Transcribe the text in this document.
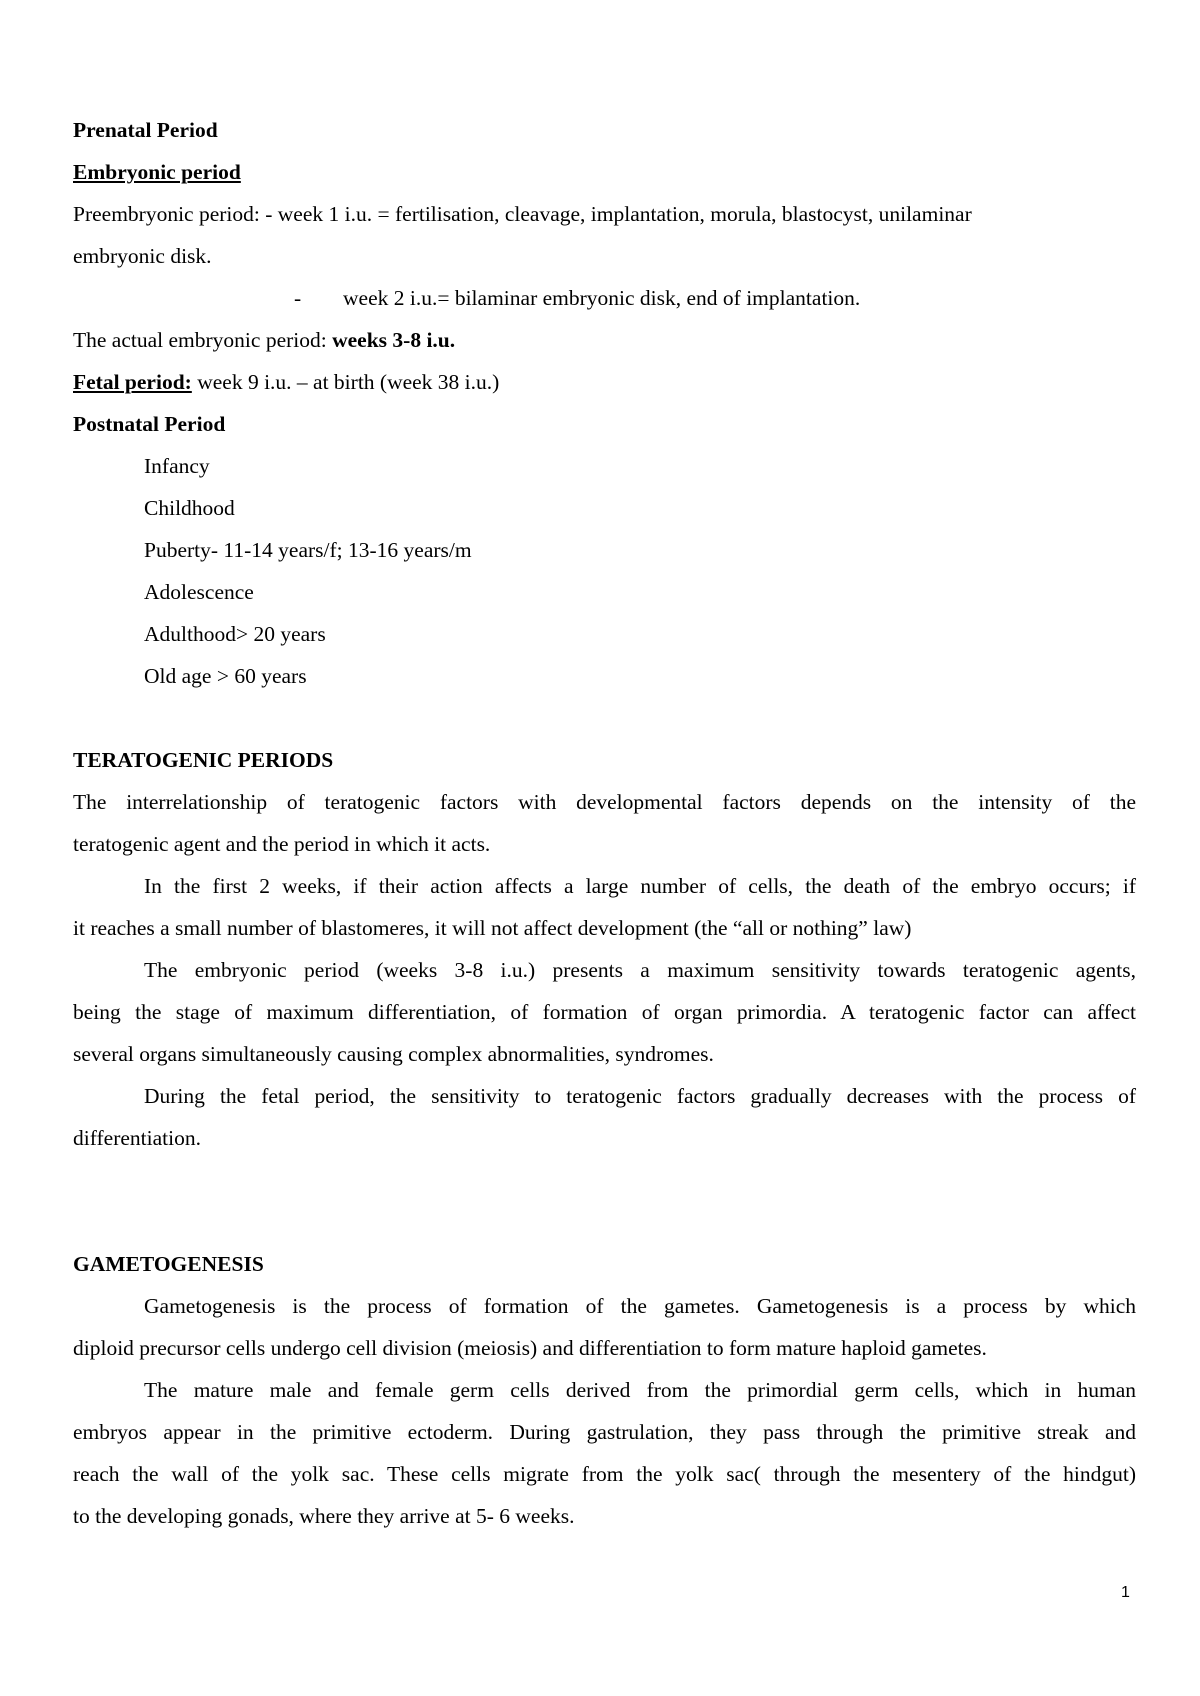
Prenatal Period
Embryonic period
Preembryonic period: - week 1 i.u. = fertilisation, cleavage, implantation, morula, blastocyst, unilaminar
embryonic disk.
- week 2 i.u.= bilaminar embryonic disk, end of implantation.
The actual embryonic period: weeks 3-8 i.u.
Fetal period: week 9 i.u. – at birth (week 38 i.u.)
Postnatal Period
Infancy
Childhood
Puberty- 11-14 years/f; 13-16 years/m
Adolescence
Adulthood> 20 years
Old age > 60 years
TERATOGENIC PERIODS
The interrelationship of teratogenic factors with developmental factors depends on the intensity of the
teratogenic agent and the period in which it acts.
In the first 2 weeks, if their action affects a large number of cells, the death of the embryo occurs; if
it reaches a small number of blastomeres, it will not affect development (the “all or nothing” law)
The embryonic period (weeks 3-8 i.u.) presents a maximum sensitivity towards teratogenic agents,
being the stage of maximum differentiation, of formation of organ primordia. A teratogenic factor can affect
several organs simultaneously causing complex abnormalities, syndromes.
During the fetal period, the sensitivity to teratogenic factors gradually decreases with the process of
differentiation.
GAMETOGENESIS
Gametogenesis is the process of formation of the gametes. Gametogenesis is a process by which
diploid precursor cells undergo cell division (meiosis) and differentiation to form mature haploid gametes.
The mature male and female germ cells derived from the primordial germ cells, which in human
embryos appear in the primitive ectoderm. During gastrulation, they pass through the primitive streak and
reach the wall of the yolk sac. These cells migrate from the yolk sac( through the mesentery of the hindgut)
to the developing gonads, where they arrive at 5- 6 weeks.
1
